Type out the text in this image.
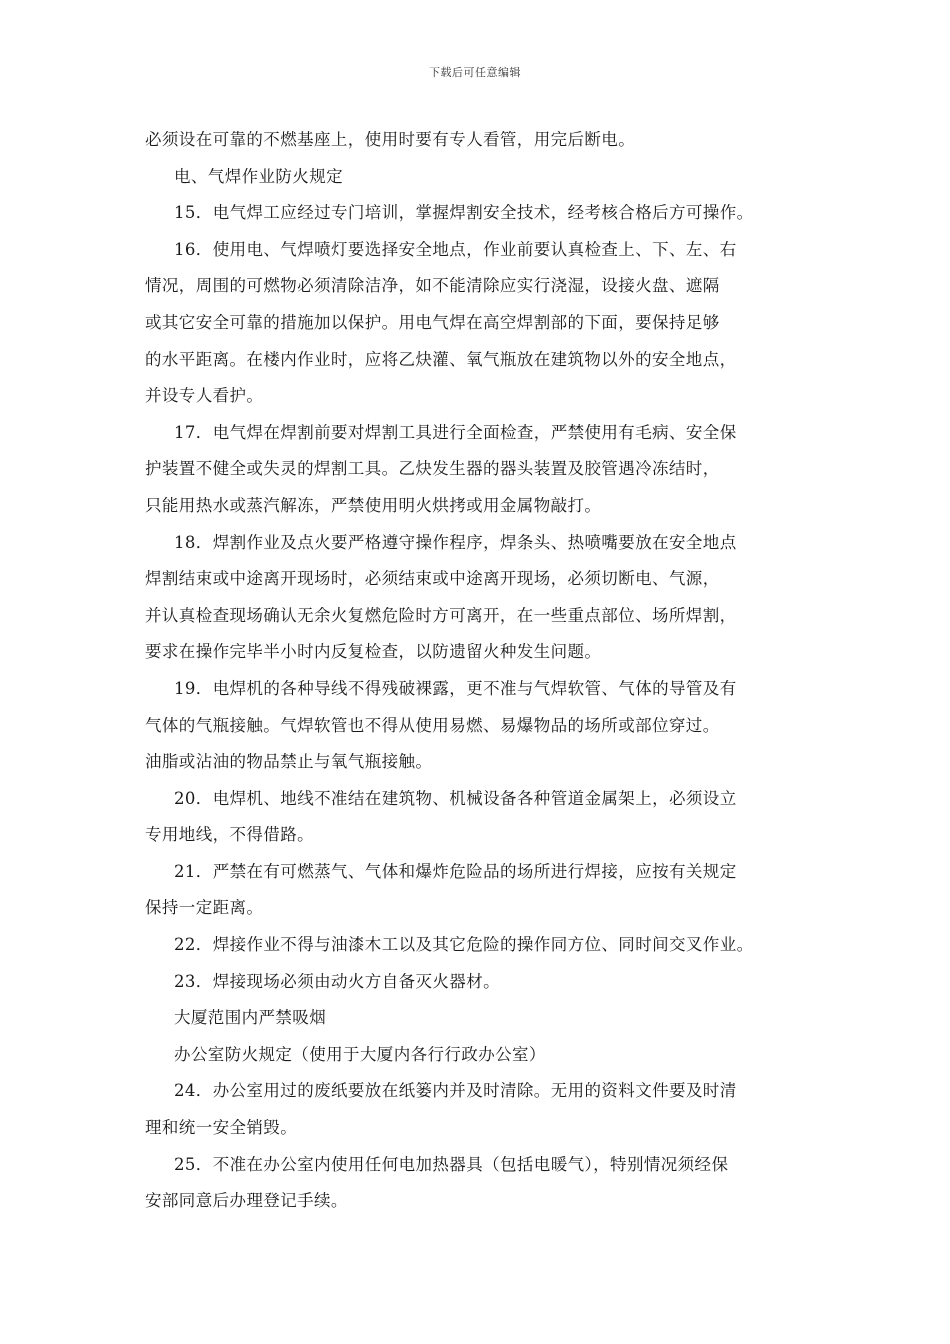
下载后可任意编辑
必须设在可靠的不燃基座上，使用时要有专人看管，用完后断电。
电、气焊作业防火规定
15．电气焊工应经过专门培训，掌握焊割安全技术，经考核合格后方可操作。
16．使用电、气焊喷灯要选择安全地点，作业前要认真检查上、下、左、右
情况，周围的可燃物必须清除洁净，如不能清除应实行浇湿，设接火盘、遮隔
或其它安全可靠的措施加以保护。用电气焊在高空焊割部的下面，要保持足够
的水平距离。在楼内作业时，应将乙炔灌、氧气瓶放在建筑物以外的安全地点，
并设专人看护。
17．电气焊在焊割前要对焊割工具进行全面检查，严禁使用有毛病、安全保
护装置不健全或失灵的焊割工具。乙炔发生器的器头装置及胶管遇冷冻结时，
只能用热水或蒸汽解冻，严禁使用明火烘拷或用金属物敲打。
18．焊割作业及点火要严格遵守操作程序，焊条头、热喷嘴要放在安全地点
焊割结束或中途离开现场时，必须结束或中途离开现场，必须切断电、气源，
并认真检查现场确认无余火复燃危险时方可离开，在一些重点部位、场所焊割，
要求在操作完毕半小时内反复检查，以防遗留火种发生问题。
19．电焊机的各种导线不得残破裸露，更不准与气焊软管、气体的导管及有
气体的气瓶接触。气焊软管也不得从使用易燃、易爆物品的场所或部位穿过。
油脂或沾油的物品禁止与氧气瓶接触。
20．电焊机、地线不准结在建筑物、机械设备各种管道金属架上，必须设立
专用地线，不得借路。
21．严禁在有可燃蒸气、气体和爆炸危险品的场所进行焊接，应按有关规定
保持一定距离。
22．焊接作业不得与油漆木工以及其它危险的操作同方位、同时间交叉作业。
23．焊接现场必须由动火方自备灭火器材。
大厦范围内严禁吸烟
办公室防火规定（使用于大厦内各行行政办公室）
24．办公室用过的废纸要放在纸篓内并及时清除。无用的资料文件要及时清
理和统一安全销毁。
25．不准在办公室内使用任何电加热器具（包括电暖气），特别情况须经保
安部同意后办理登记手续。
